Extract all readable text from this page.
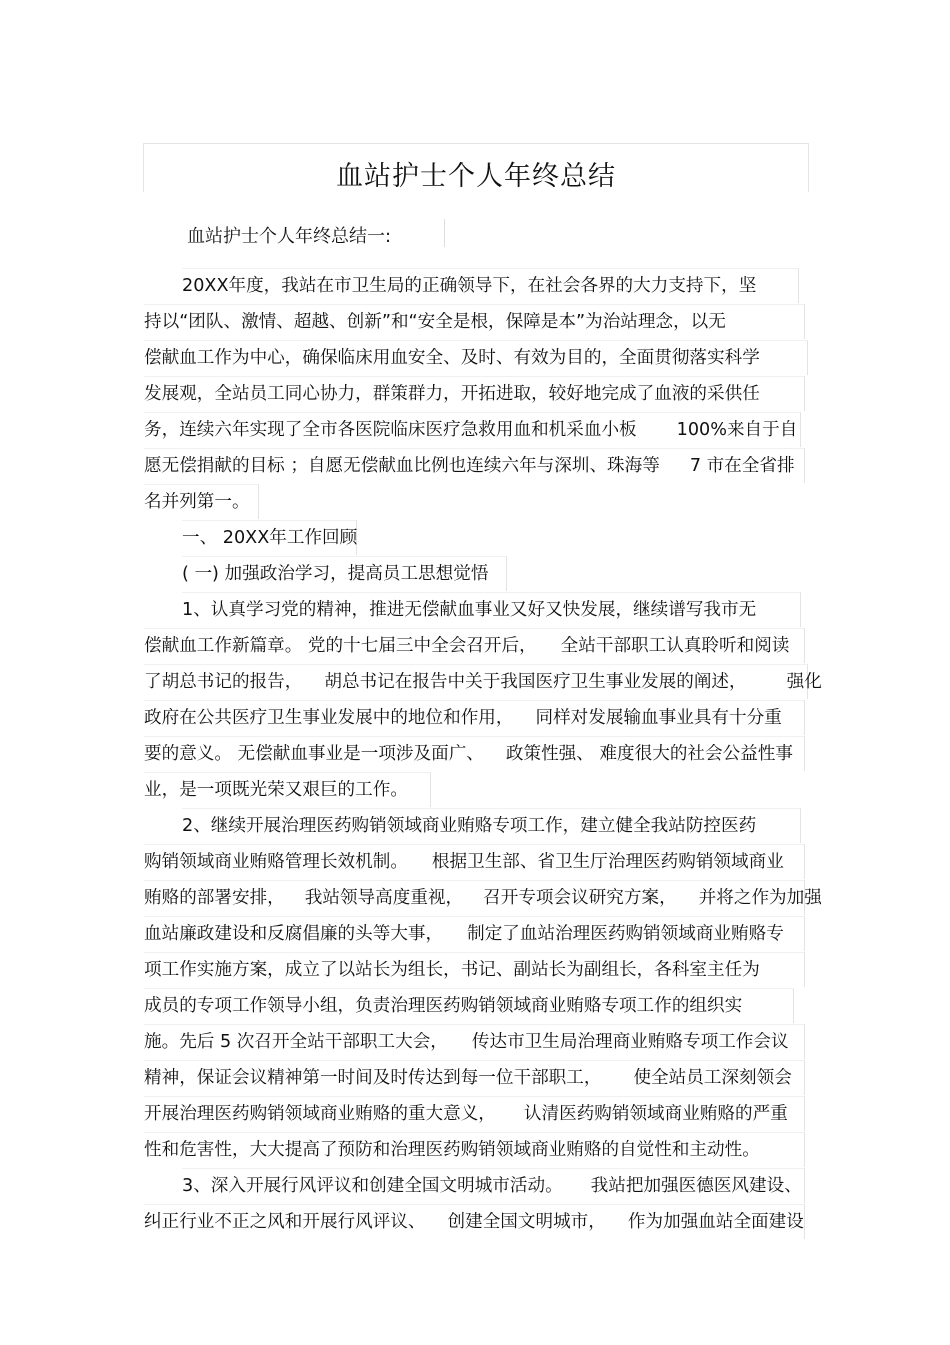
血站护士个人年终总结
血站护士个人年终总结一:
20XX年度，我站在市卫生局的正确领导下，在社会各界的大力支持下，坚
持以“团队、激情、超越、创新”和“安全是根，保障是本”为治站理念，以无
偿献血工作为中心，确保临床用血安全、及时、有效为目的，全面贯彻落实科学
发展观，全站员工同心协力，群策群力，开拓进取，较好地完成了血液的采供任
务，连续六年实现了全市各医院临床医疗急救用血和机采血小板 100%来自于自
愿无偿捐献的目标 ；自愿无偿献血比例也连续六年与深圳、珠海等 7 市在全省排
名并列第一。
一、 20XX年工作回顾
( 一) 加强政治学习，提高员工思想觉悟
1、认真学习党的精神，推进无偿献血事业又好又快发展，继续谱写我市无
偿献血工作新篇章。 党的十七届三中全会召开后， 全站干部职工认真聆听和阅读
了胡总书记的报告， 胡总书记在报告中关于我国医疗卫生事业发展的阐述， 强化
政府在公共医疗卫生事业发展中的地位和作用， 同样对发展输血事业具有十分重
要的意义。 无偿献血事业是一项涉及面广、 政策性强、 难度很大的社会公益性事
业，是一项既光荣又艰巨的工作。
2、继续开展治理医药购销领域商业贿赂专项工作，建立健全我站防控医药
购销领域商业贿赂管理长效机制。 根据卫生部、省卫生厅治理医药购销领域商业
贿赂的部署安排， 我站领导高度重视， 召开专项会议研究方案， 并将之作为加强
血站廉政建设和反腐倡廉的头等大事， 制定了血站治理医药购销领域商业贿赂专
项工作实施方案，成立了以站长为组长，书记、副站长为副组长，各科室主任为
成员的专项工作领导小组，负责治理医药购销领域商业贿赂专项工作的组织实
施。先后 5 次召开全站干部职工大会， 传达市卫生局治理商业贿赂专项工作会议
精神，保证会议精神第一时间及时传达到每一位干部职工， 使全站员工深刻领会
开展治理医药购销领域商业贿赂的重大意义， 认清医药购销领域商业贿赂的严重
性和危害性，大大提高了预防和治理医药购销领域商业贿赂的自觉性和主动性。
3、深入开展行风评议和创建全国文明城市活动。 我站把加强医德医风建设、
纠正行业不正之风和开展行风评议、 创建全国文明城市， 作为加强血站全面建设
